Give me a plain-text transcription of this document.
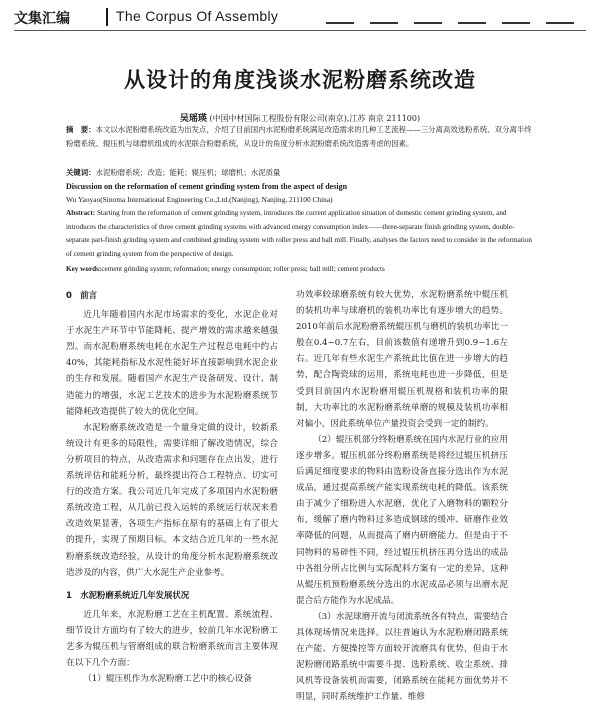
文集汇编	The Corpus Of Assembly
从设计的角度浅谈水泥粉磨系统改造
吴瑶瑛 (中国中材国际工程股份有限公司(南京),江苏 南京 211100)
摘　要：本文以水泥粉磨系统改造为出发点，介绍了目前国内水泥粉磨系统满足改造需求的几种工艺流程——三分离高效选粉系统、双分离半终粉磨系统、辊压机与球磨机组成的水泥联合粉磨系统，从设计的角度分析水泥粉磨系统改造需考虑的因素。
关键词：水泥粉磨系统；改造；能耗；辊压机；球磨机；水泥质量
Discussion on the reformation of cement grinding system from the aspect of design
Wu Yaoyao(Sinoma International Engineering Co.,Ltd.(Nanjing), Nanjing, 211100 China)
Abstract: Starting from the reformation of cement grinding system, introduces the current application situation of domestic cement grinding system, and introduces the characteristics of three cement grinding systems with advanced energy consumption index——three-separate finish grinding system, double-separate part-finish grinding system and combined grinding system with roller press and ball mill. Finally, analyses the factors need to consider in the reformation of cement grinding system from the perspective of design.
Key words:cement grinding system; reformation; energy consumption; roller press; ball mill; cement products

0　前言

近几年随着国内水泥市场需求的变化，水泥企业对于水泥生产环节中节能降耗、提产增效的需求越来越强烈。而水泥粉磨系统电耗在水泥生产过程总电耗中约占40%，其能耗指标及水泥性能好坏直接影响到水泥企业的生存和发展。随着国产水泥生产设备研发、设计、制造能力的增强，水泥工艺技术的进步为水泥粉磨系统节能降耗改造提供了较大的优化空间。

水泥粉磨系统改造是一个量身定做的设计，较新系统设计有更多的局限性，需要详细了解改造情况，综合分析项目的特点，从改造需求和问题存在点出发，进行系统评估和能耗分析，最终提出符合工程特点、切实可行的改造方案。我公司近几年完成了多项国内水泥粉磨系统改造工程，从几前已投入运转的系统运行状况来看改造效果显著，各项生产指标在原有的基础上有了很大的提升，实现了预期目标。本文结合近几年的一些水泥粉磨系统改造经验，从设计的角度分析水泥粉磨系统改造涉及的内容，供广大水泥生产企业参考。

1　水泥粉磨系统近几年发展状况

近几年来，水泥粉磨工艺在主机配置、系统流程、细节设计方面均有了较大的进步，较前几年水泥粉磨工艺多为辊压机与管磨组成的联合粉磨系统而言主要体现在以下几个方面：

（1）辊压机作为水泥粉磨工艺中的核心设备

功效率较球磨系统有较大优势，水泥粉磨系统中辊压机的装机功率与球磨机的装机功率比有逐步增大的趋势。2010年前后水泥粉磨系统辊压机与磨机的装机功率比一般在0.4~0.7左右，目前该数值有递增升到0.9~1.6左右。近几年有些水泥生产系统此比值在进一步增大的趋势，配合陶瓷球的运用，系统电耗也进一步降低，但是受到目前国内水泥粉磨用辊压机规格和装机功率的限制，大功率比的水泥粉磨系统单磨的规模及装机功率相对偏小，因此系统单位产量投资会受到一定的制约。

（2）辊压机部分终粉磨系统在国内水泥行业的应用逐步增多。辊压机部分终粉磨系统是将经过辊压机挤压后满足细度要求的物料由选粉设备直接分选出作为水泥成品，通过提高系统产能实现系统电耗的降低。该系统由于减少了细粉进入水泥磨，优化了入磨物料的颗粒分布，缓解了磨内物料过多造成钢球的缓冲、研磨作业效率降低的问题，从而提高了磨内研磨能力。但是由于不同物料的易碎性不同，经过辊压机挤压再分选出的成品中各组分所占比例与实际配料方案有一定的差异，这种从辊压机预粉磨系统分选出的水泥成品必须与出磨水泥混合后方能作为水泥成品。

（3）水泥球磨开流与闭流系统各有特点，需要结合具体现场情况来选择。以往普遍认为水泥粉磨闭路系统在产能、方便操控等方面较开流磨具有优势，但由于水泥粉磨闭路系统中需要斗提、选粉系统、收尘系统、排风机等设备装机而需要，闭路系统在能耗方面优势并不明显，同时系统维护工作量、维修
